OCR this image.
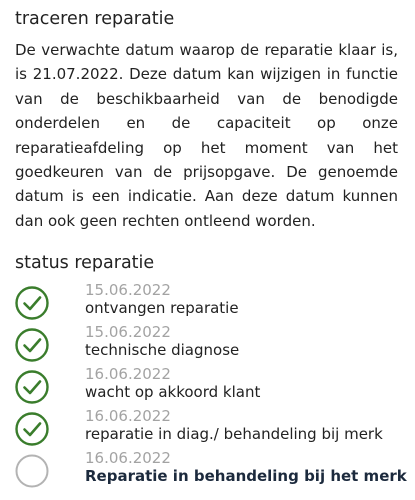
traceren reparatie

De verwachte datum waarop de reparatie klaar is, is 21.07.2022. Deze datum kan wijzigen in functie van de beschikbaarheid van de benodigde onderdelen en de capaciteit op onze reparatieafdeling op het moment van het goedkeuren van de prijsopgave. De genoemde datum is een indicatie. Aan deze datum kunnen dan ook geen rechten ontleend worden.

status reparatie
15.06.2022
ontvangen reparatie
15.06.2022
technische diagnose
16.06.2022
wacht op akkoord klant
16.06.2022
reparatie in diag./ behandeling bij merk
16.06.2022
Reparatie in behandeling bij het merk
